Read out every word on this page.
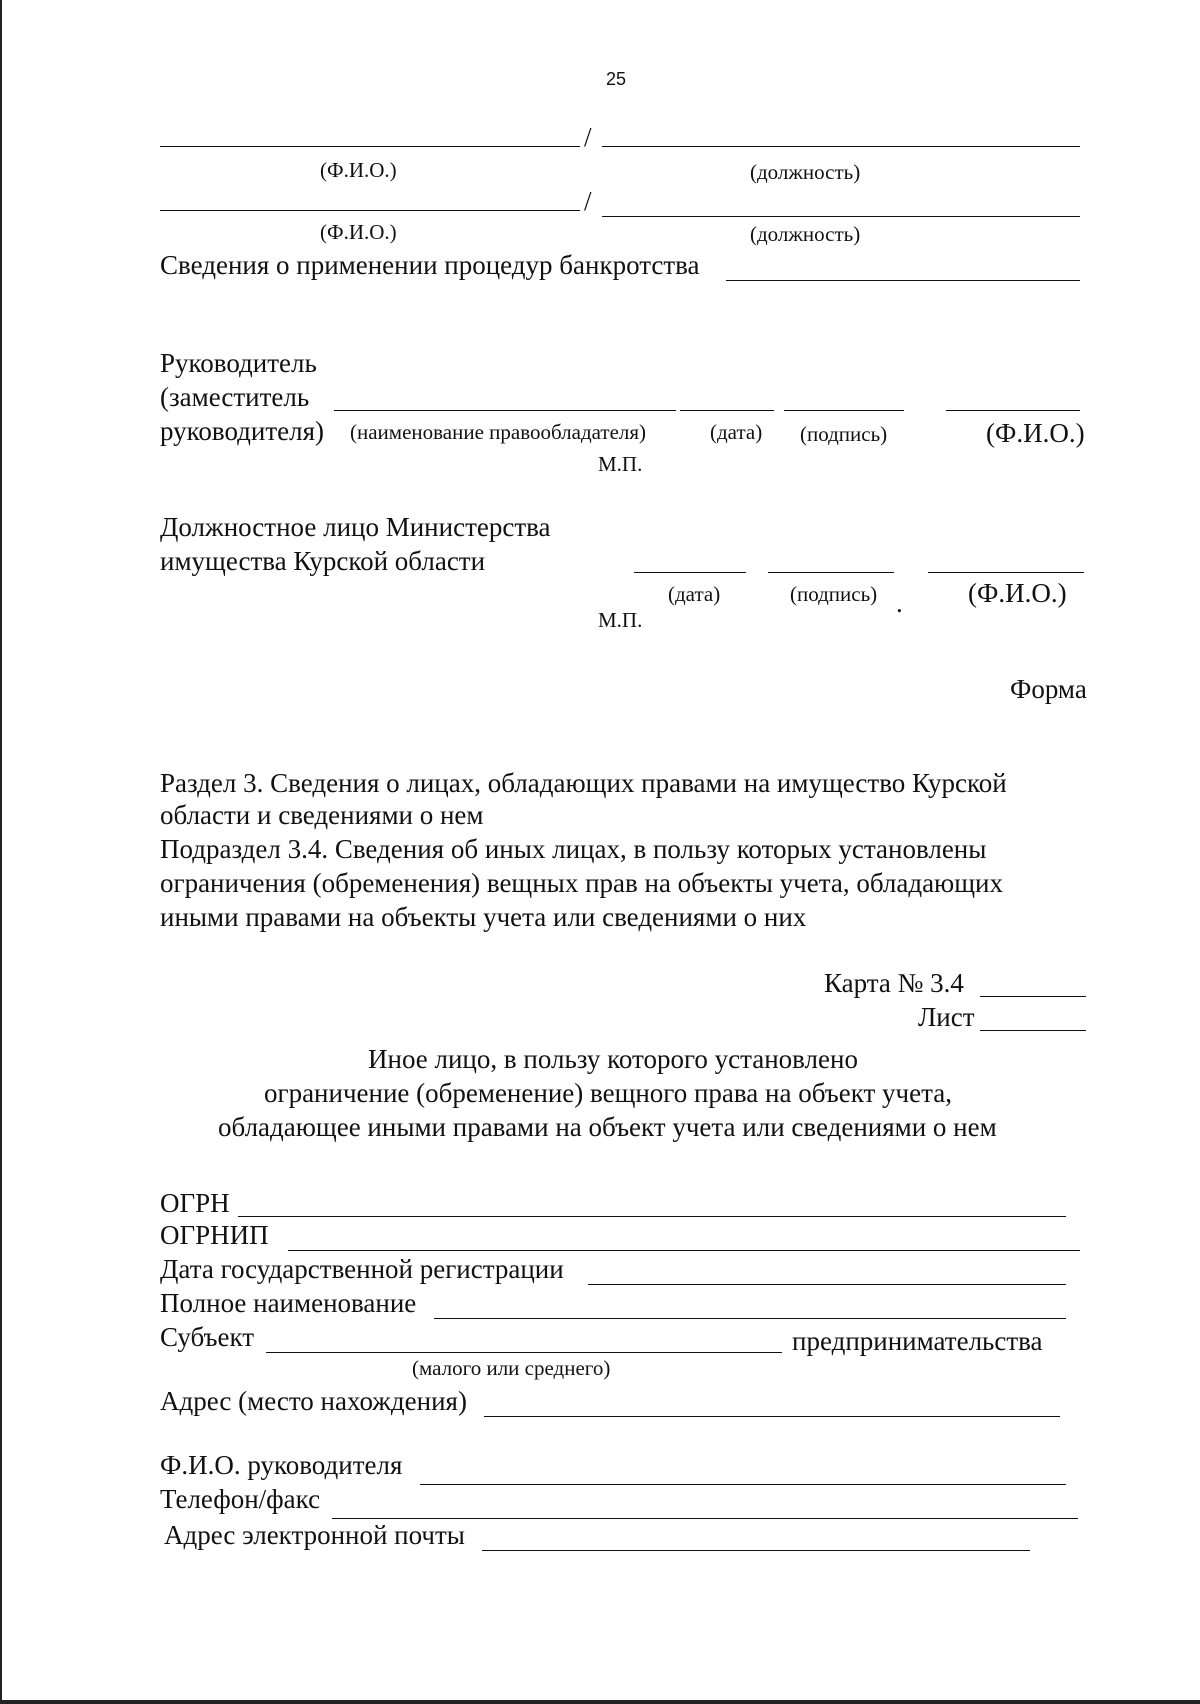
25
/
(Ф.И.О.)	(должность)
/
(Ф.И.О.)	(должность)
Сведения о применении процедур банкротства
Руководитель
(заместитель
руководителя) (наименование правообладателя)	(дата) (подпись)	(Ф.И.О.)
М.П.
Должностное лицо Министерства
имущества Курской области
(дата)	(подпись) . (Ф.И.О.)
М.П.
Форма
Раздел 3. Сведения о лицах, обладающих правами на имущество Курской
области и сведениями о нем
Подраздел 3.4. Сведения об иных лицах, в пользу которых установлены
ограничения (обременения) вещных прав на объекты учета, обладающих
иными правами на объекты учета или сведениями о них
Карта № 3.4
Лист
Иное лицо, в пользу которого установлено
ограничение (обременение) вещного права на объект учета,
обладающее иными правами на объект учета или сведениями о нем
ОГРН
ОГРНИП
Дата государственной регистрации
Полное наименование
Субъект	предпринимательства
(малого или среднего)
Адрес (место нахождения)
Ф.И.О. руководителя
Телефон/факс
Адрес электронной почты
